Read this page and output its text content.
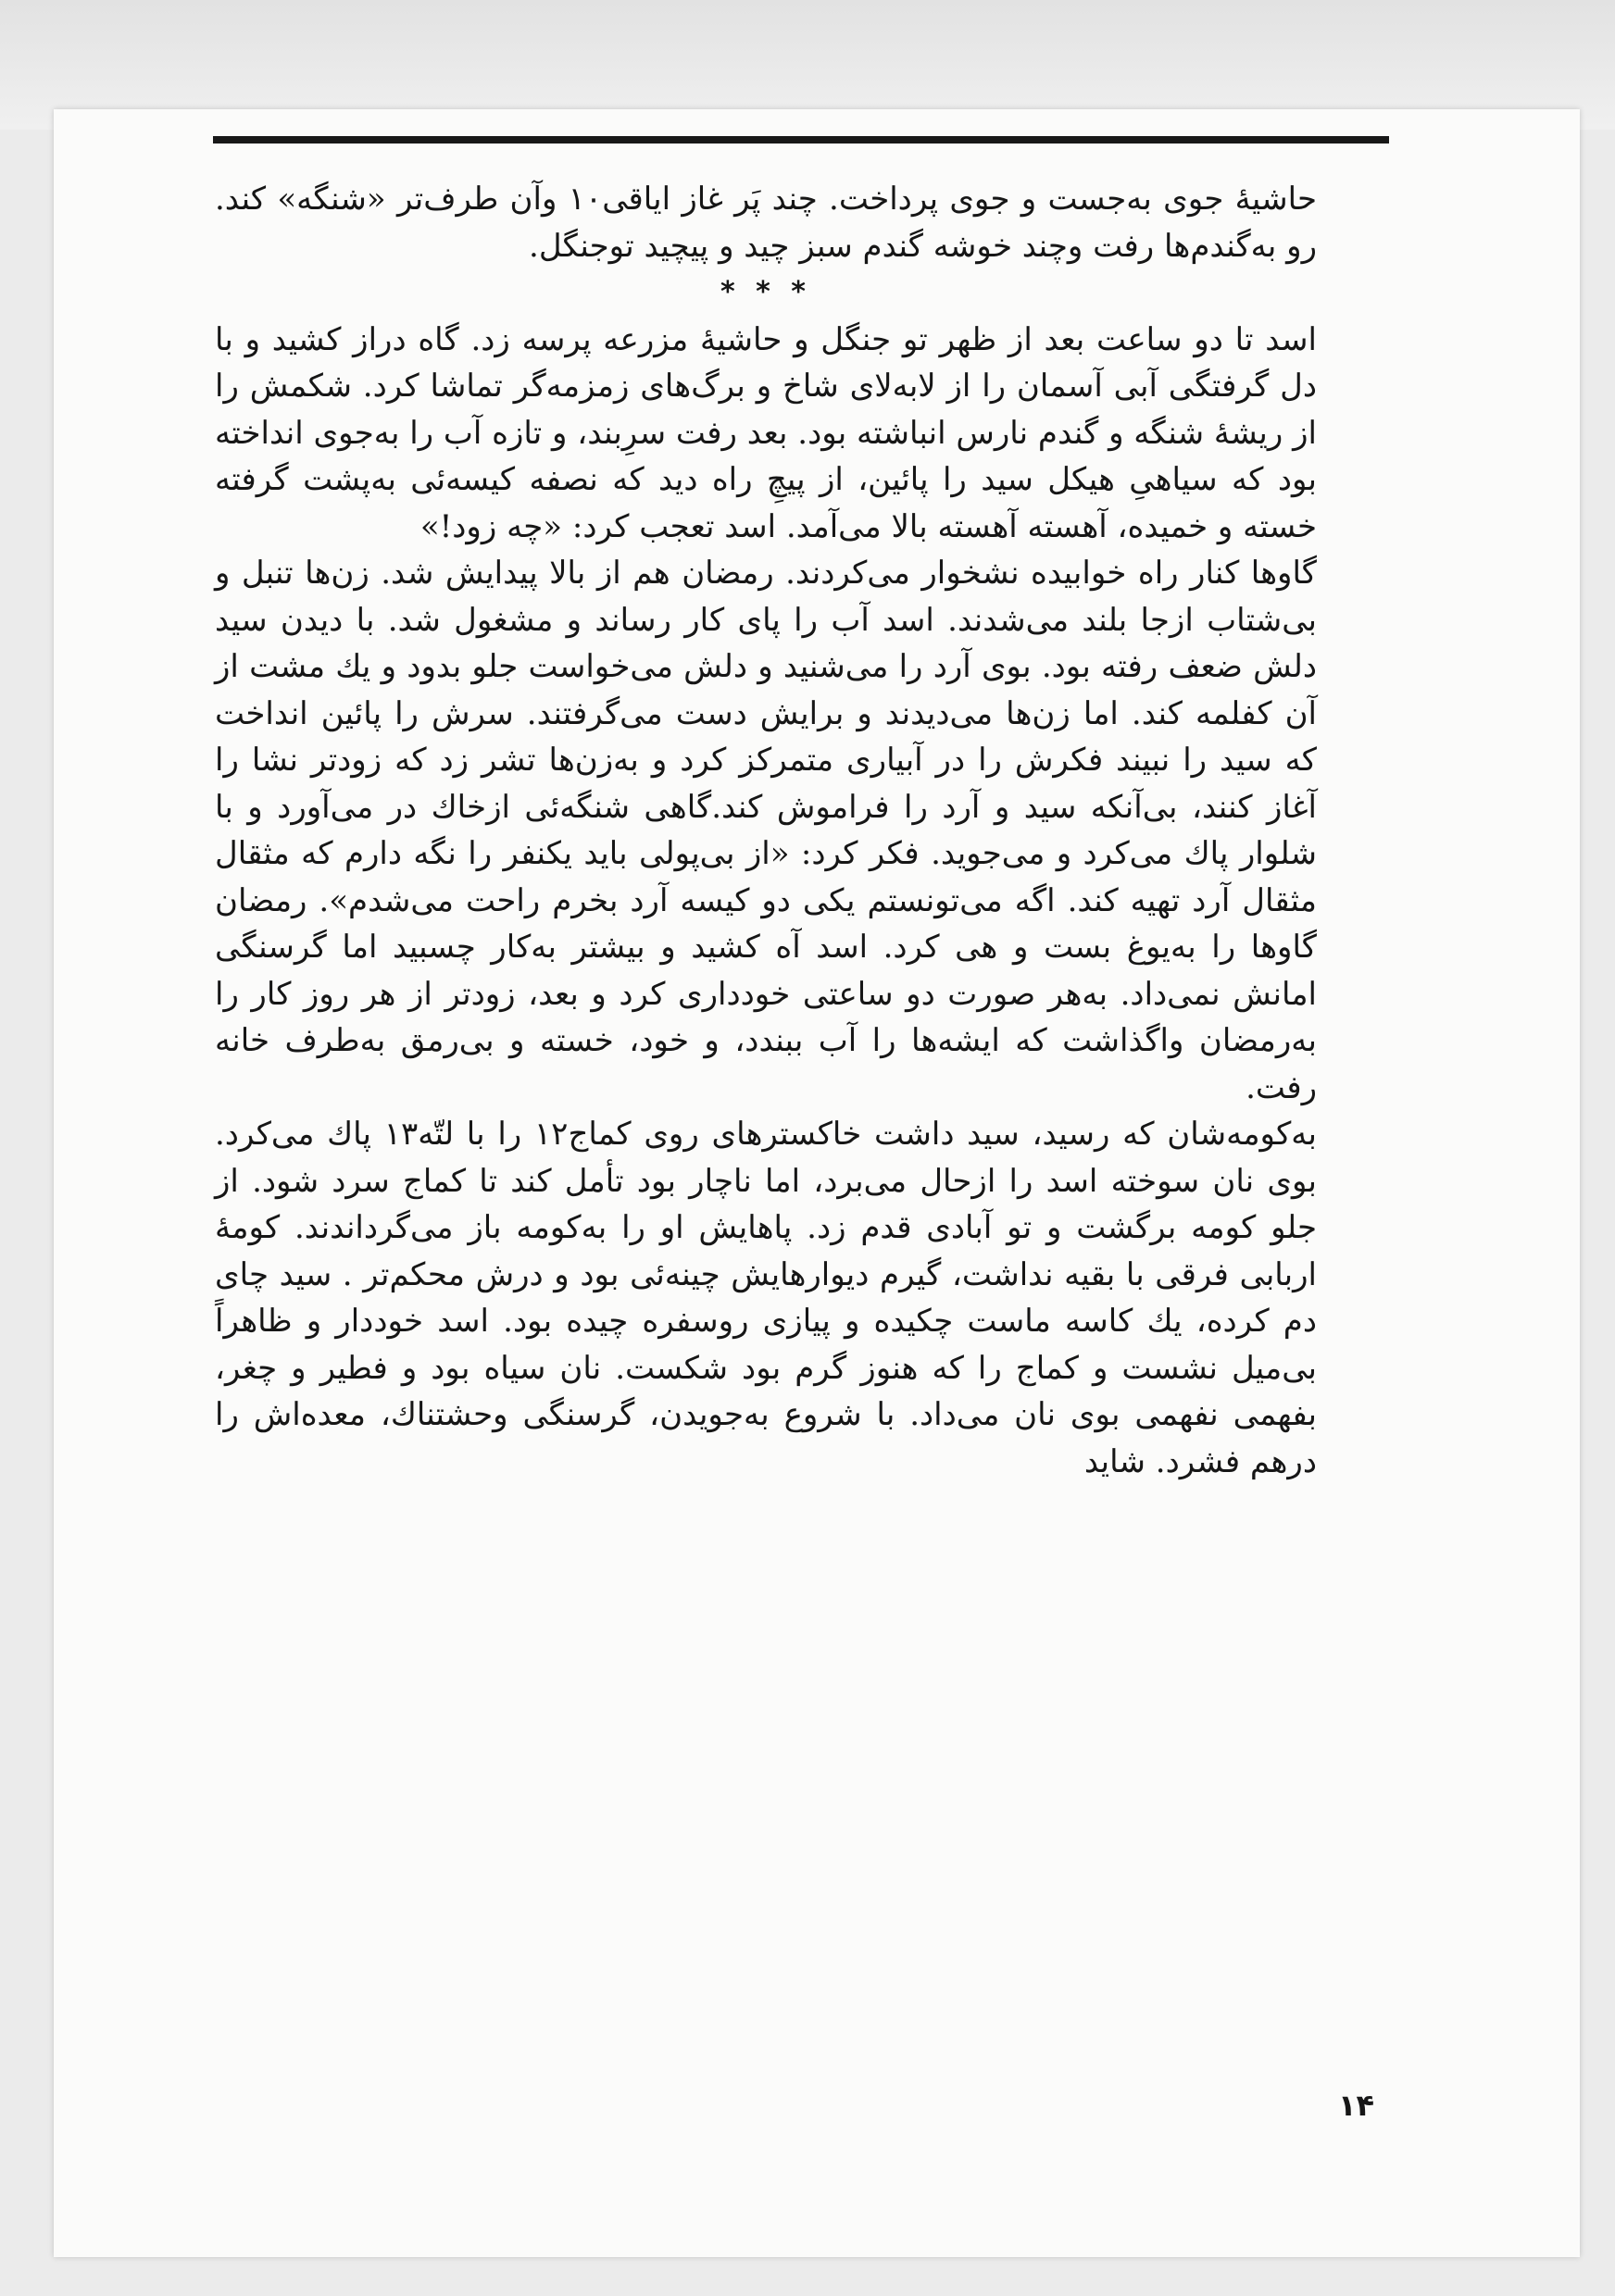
حاشیهٔ جوی به‌جست و جوی پرداخت. چند پَر غاز اياقی۱۰ وآن طرف‌تر «شنگه» کند. رو به‌گندم‌ها رفت وچند خوشه گندم سبز چید و پیچید توجنگل.

* * *

اسد تا دو ساعت بعد از ظهر تو جنگل و حاشیهٔ مزرعه پرسه زد. گاه دراز کشید و با دل گرفتگی آبی آسمان را از لابه‌لای شاخ و برگ‌های زمزمه‌گر تماشا کرد. شکمش را از ریشهٔ شنگه و گندم نارس انباشته بود. بعد رفت سرِبند، و تازه آب را به‌جوی انداخته بود که سیاهیِ هیکل سید را پائین، از پیچِ راه دید که نصفه کیسه‌ئی به‌پشت گرفته خسته و خمیده، آهسته آهسته بالا می‌آمد. اسد تعجب کرد: «چه زود!»

گاوها کنار راه خوابیده نشخوار می‌کردند. رمضان هم از بالا پیدایش شد. زن‌ها تنبل و بی‌شتاب ازجا بلند می‌شدند. اسد آب را پای کار رساند و مشغول شد. با دیدن سید دلش ضعف رفته بود. بوی آرد را می‌شنید و دلش می‌خواست جلو بدود و یك مشت از آن کفلمه کند. اما زن‌ها می‌دیدند و برایش دست می‌گرفتند. سرش را پائین انداخت که سید را نبیند فکرش را در آبیاری متمرکز کرد و به‌زن‌ها تشر زد که زودتر نشا را آغاز کنند، بی‌آنکه سید و آرد را فراموش کند.گاهی شنگه‌ئی ازخاك در می‌آورد و با شلوار پاك می‌کرد و می‌جوید. فکر کرد: «از بی‌پولی باید یکنفر را نگه دارم که مثقال مثقال آرد تهیه کند. اگه می‌تونستم یکی دو کیسه آرد بخرم راحت می‌شدم». رمضان گاوها را به‌یوغ بست و هی کرد. اسد آه کشید و بیشتر به‌کار چسبید اما گرسنگی امانش نمی‌داد. به‌هر صورت دو ساعتی خودداری کرد و بعد، زودتر از هر روز کار را به‌رمضان واگذاشت که ایشه‌ها را آب ببندد، و خود، خسته و بی‌رمق به‌طرف خانه رفت.

به‌کومه‌شان که رسید، سید داشت خاکسترهای روی کماج۱۲ را با لتّه۱۳ پاك می‌کرد. بوی نان سوخته اسد را ازحال می‌برد، اما ناچار بود تأمل کند تا کماج سرد شود. از جلو کومه برگشت و تو آبادی قدم زد. پاهایش او را به‌کومه باز می‌گرداندند. کومهٔ اربابی فرقی با بقیه نداشت، گیرم دیوارهایش چینه‌ئی بود و درش محکم‌تر . سید چای دم کرده، یك کاسه ماست چکیده و پیازی روسفره چیده بود. اسد خوددار و ظاهراً بی‌میل نشست و کماج را که هنوز گرم بود شکست. نان سیاه بود و فطیر و چغر، بفهمی نفهمی بوی نان می‌داد. با شروع به‌جویدن، گرسنگی وحشتناك، معده‌اش را درهم فشرد. شاید

۱۴
